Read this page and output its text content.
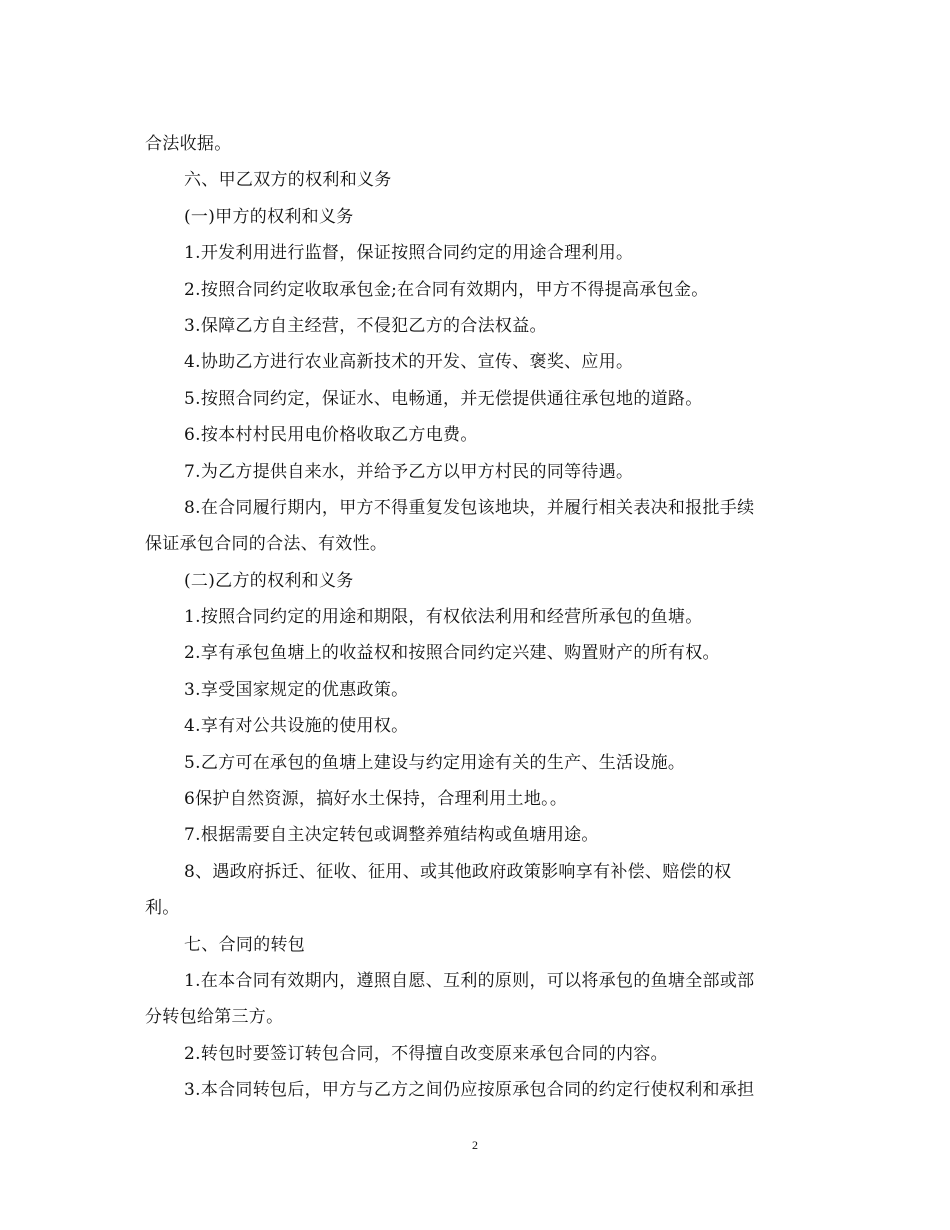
合法收据。
六、甲乙双方的权利和义务
(一)甲方的权利和义务
1.开发利用进行监督，保证按照合同约定的用途合理利用。
2.按照合同约定收取承包金;在合同有效期内，甲方不得提高承包金。
3.保障乙方自主经营，不侵犯乙方的合法权益。
4.协助乙方进行农业高新技术的开发、宣传、褒奖、应用。
5.按照合同约定，保证水、电畅通，并无偿提供通往承包地的道路。
6.按本村村民用电价格收取乙方电费。
7.为乙方提供自来水，并给予乙方以甲方村民的同等待遇。
8.在合同履行期内，甲方不得重复发包该地块，并履行相关表决和报批手续
保证承包合同的合法、有效性。
(二)乙方的权利和义务
1.按照合同约定的用途和期限，有权依法利用和经营所承包的鱼塘。
2.享有承包鱼塘上的收益权和按照合同约定兴建、购置财产的所有权。
3.享受国家规定的优惠政策。
4.享有对公共设施的使用权。
5.乙方可在承包的鱼塘上建设与约定用途有关的生产、生活设施。
6保护自然资源，搞好水土保持，合理利用土地。。
7.根据需要自主决定转包或调整养殖结构或鱼塘用途。
8、遇政府拆迁、征收、征用、或其他政府政策影响享有补偿、赔偿的权
利。
七、合同的转包
1.在本合同有效期内，遵照自愿、互利的原则，可以将承包的鱼塘全部或部
分转包给第三方。
2.转包时要签订转包合同，不得擅自改变原来承包合同的内容。
3.本合同转包后，甲方与乙方之间仍应按原承包合同的约定行使权利和承担
2
